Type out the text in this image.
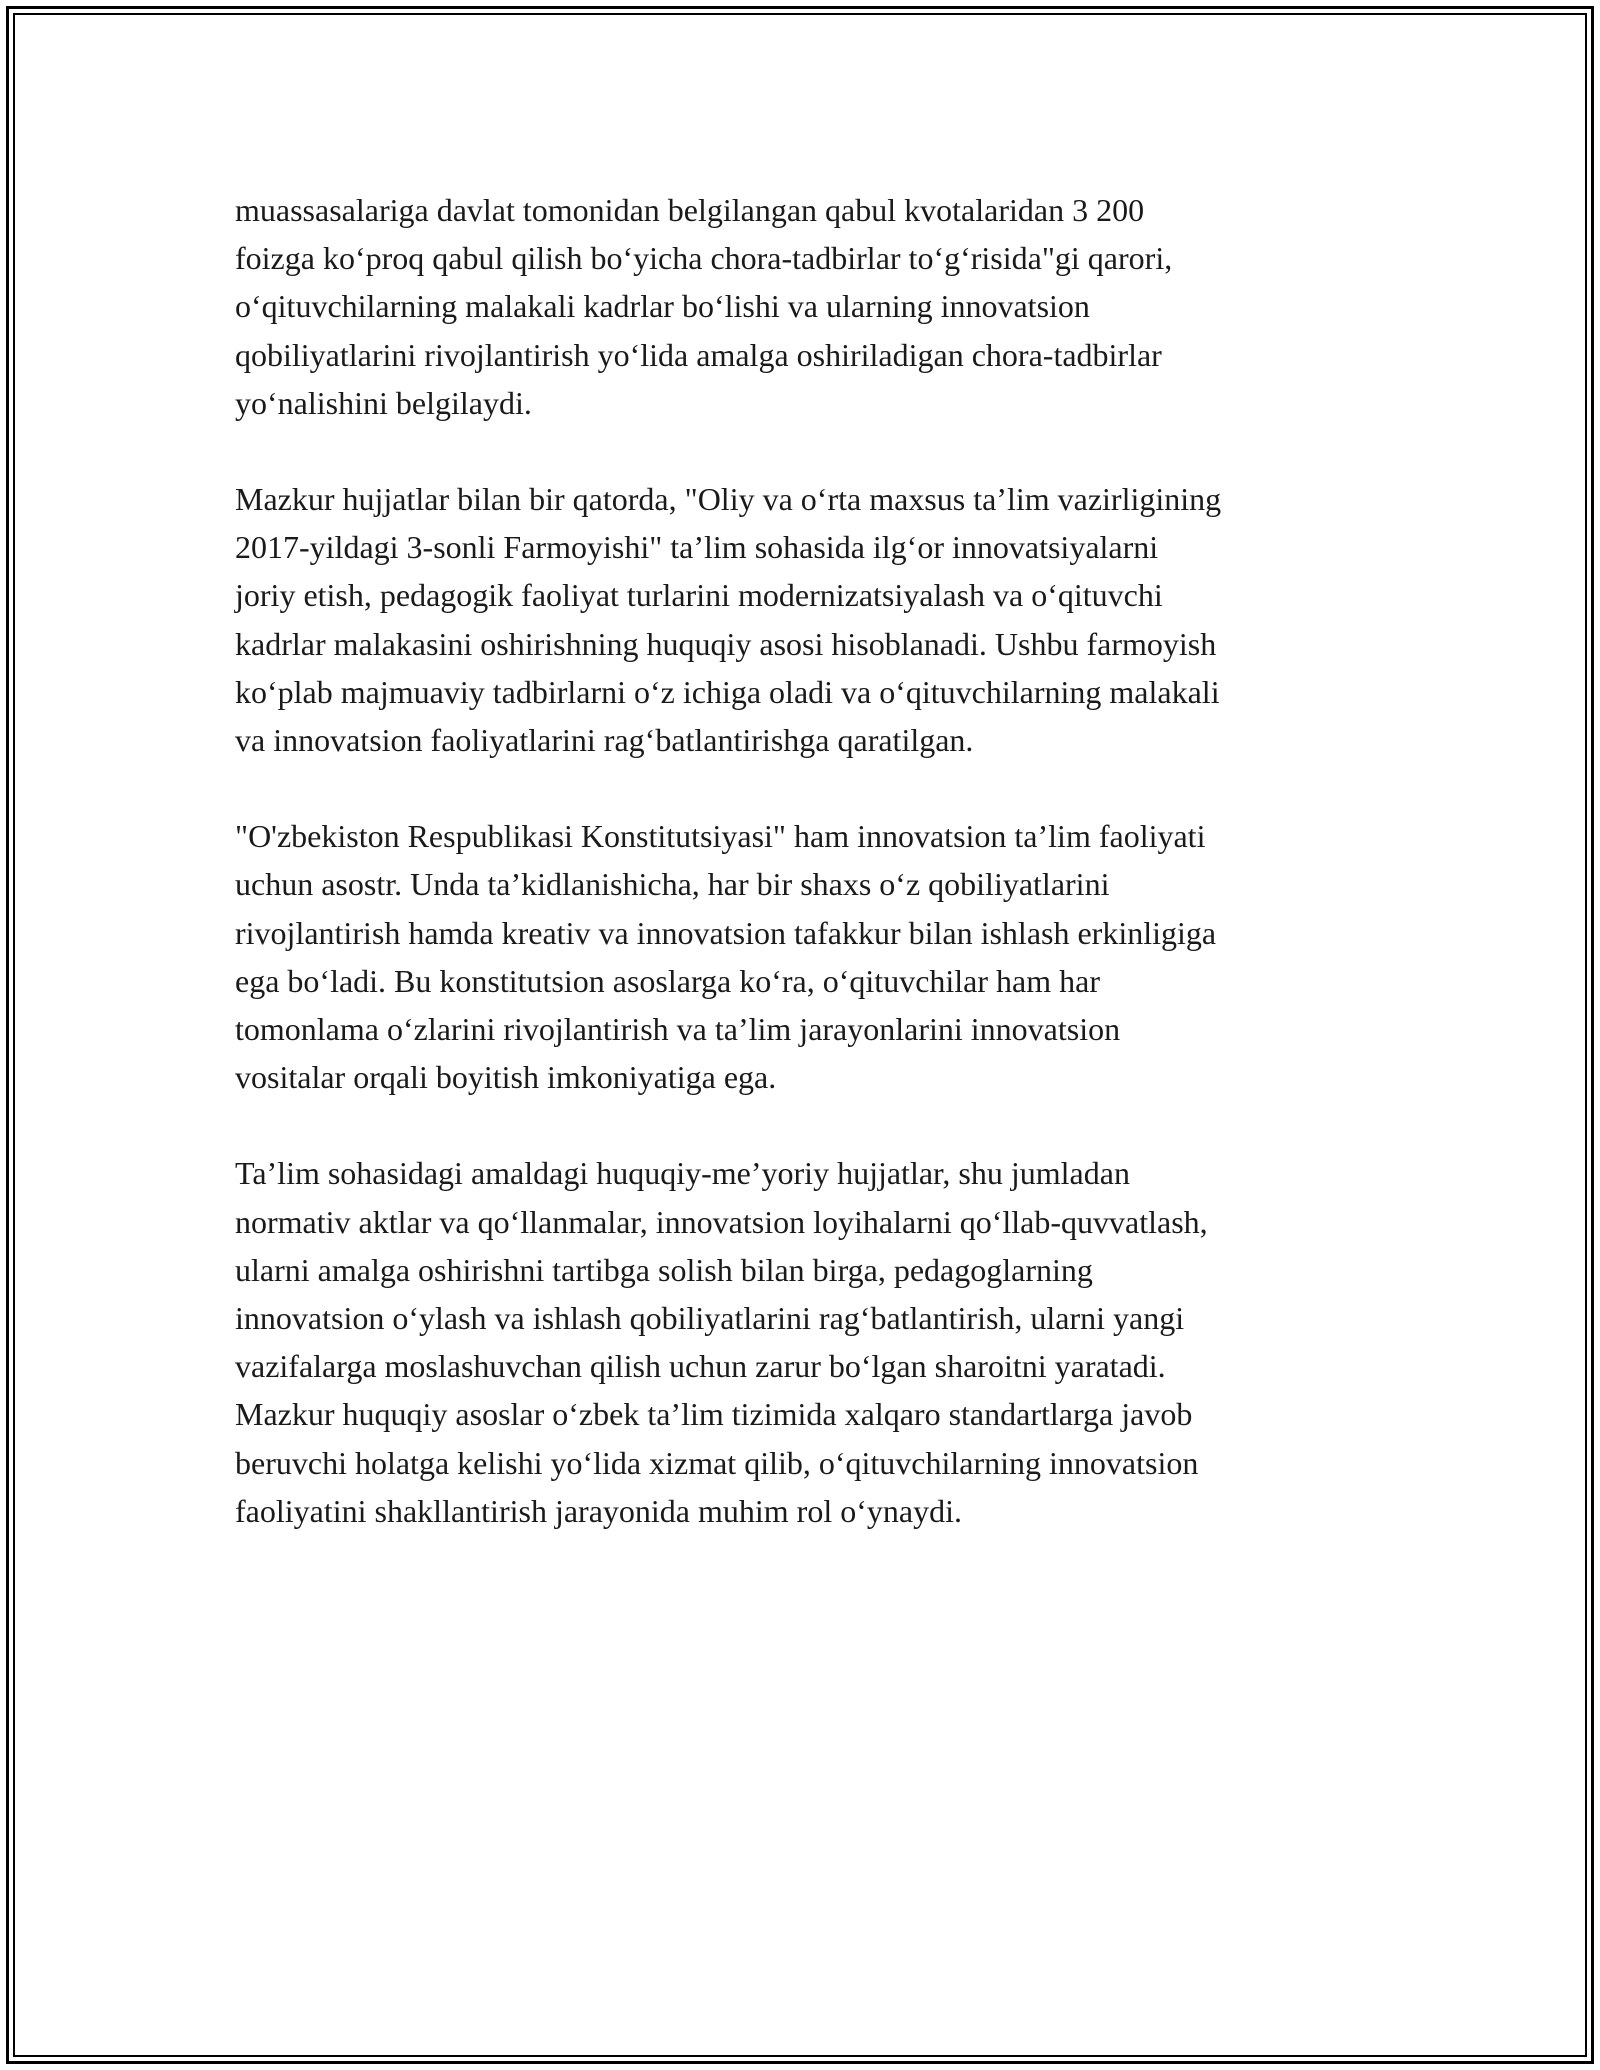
muassasalariga davlat tomonidan belgilangan qabul kvotalaridan 3 200
foizga ko‘proq qabul qilish bo‘yicha chora-tadbirlar to‘g‘risida"gi qarori,
o‘qituvchilarning malakali kadrlar bo‘lishi va ularning innovatsion
qobiliyatlarini rivojlantirish yo‘lida amalga oshiriladigan chora-tadbirlar
yo‘nalishini belgilaydi.

Mazkur hujjatlar bilan bir qatorda, "Oliy va o‘rta maxsus ta’lim vazirligining
2017-yildagi 3-sonli Farmoyishi" ta’lim sohasida ilg‘or innovatsiyalarni
joriy etish, pedagogik faoliyat turlarini modernizatsiyalash va o‘qituvchi
kadrlar malakasini oshirishning huquqiy asosi hisoblanadi. Ushbu farmoyish
ko‘plab majmuaviy tadbirlarni o‘z ichiga oladi va o‘qituvchilarning malakali
va innovatsion faoliyatlarini rag‘batlantirishga qaratilgan.

"O'zbekiston Respublikasi Konstitutsiyasi" ham innovatsion ta’lim faoliyati
uchun asostr. Unda ta’kidlanishicha, har bir shaxs o‘z qobiliyatlarini
rivojlantirish hamda kreativ va innovatsion tafakkur bilan ishlash erkinligiga
ega bo‘ladi. Bu konstitutsion asoslarga ko‘ra, o‘qituvchilar ham har
tomonlama o‘zlarini rivojlantirish va ta’lim jarayonlarini innovatsion
vositalar orqali boyitish imkoniyatiga ega.

Ta’lim sohasidagi amaldagi huquqiy-me’yoriy hujjatlar, shu jumladan
normativ aktlar va qo‘llanmalar, innovatsion loyihalarni qo‘llab-quvvatlash,
ularni amalga oshirishni tartibga solish bilan birga, pedagoglarning
innovatsion o‘ylash va ishlash qobiliyatlarini rag‘batlantirish, ularni yangi
vazifalarga moslashuvchan qilish uchun zarur bo‘lgan sharoitni yaratadi.
Mazkur huquqiy asoslar o‘zbek ta’lim tizimida xalqaro standartlarga javob
beruvchi holatga kelishi yo‘lida xizmat qilib, o‘qituvchilarning innovatsion
faoliyatini shakllantirish jarayonida muhim rol o‘ynaydi.
